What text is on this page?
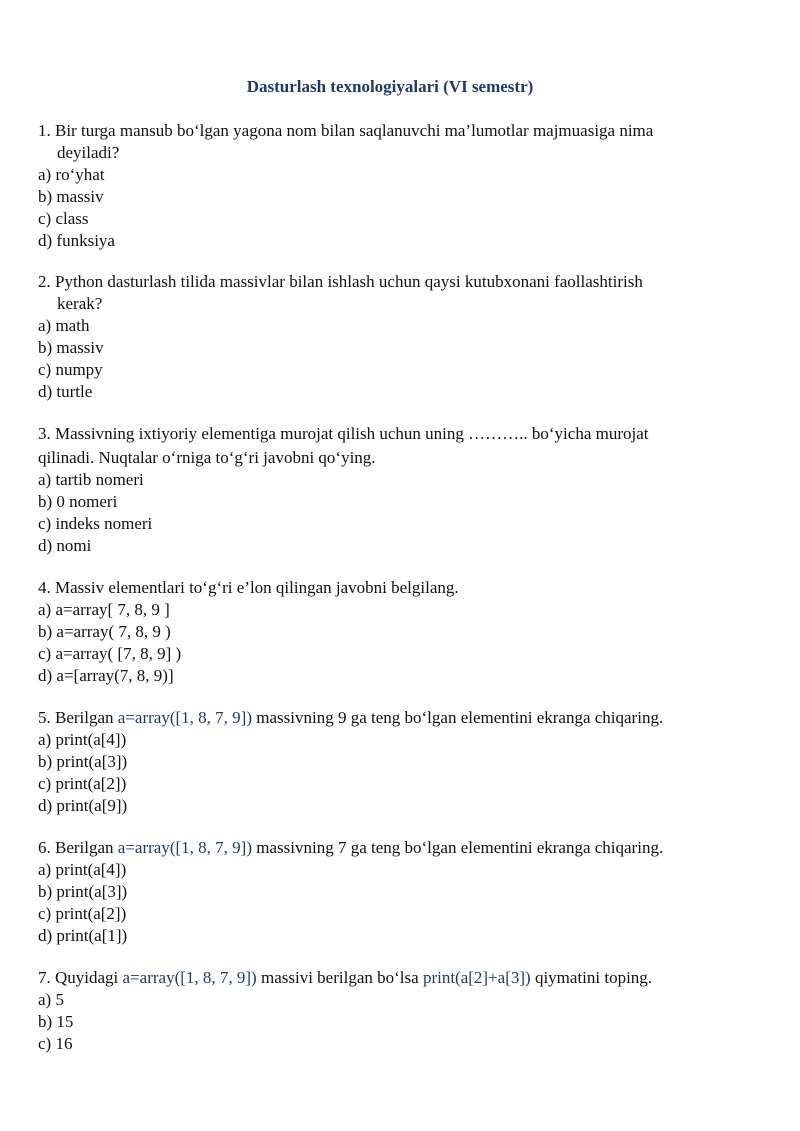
Dasturlash texnologiyalari (VI semestr)
1. Bir turga mansub bo‘lgan yagona nom bilan saqlanuvchi ma’lumotlar majmuasiga nima
deyiladi?
a) ro‘yhat
b) massiv
c) class
d) funksiya
2. Python dasturlash tilida massivlar bilan ishlash uchun qaysi kutubxonani faollashtirish
kerak?
a) math
b) massiv
c) numpy
d) turtle
3. Massivning ixtiyoriy elementiga murojat qilish uchun uning ……….. bo‘yicha murojat
qilinadi. Nuqtalar o‘rniga to‘g‘ri javobni qo‘ying.
a) tartib nomeri
b) 0 nomeri
c) indeks nomeri
d) nomi
4. Massiv elementlari to‘g‘ri e’lon qilingan javobni belgilang.
a) a=array[ 7, 8, 9 ]
b) a=array( 7, 8, 9 )
c) a=array( [7, 8, 9] )
d) a=[array(7, 8, 9)]
5. Berilgan a=array([1, 8, 7, 9]) massivning 9 ga teng bo‘lgan elementini ekranga chiqaring.
a) print(a[4])
b) print(a[3])
c) print(a[2])
d) print(a[9])
6. Berilgan a=array([1, 8, 7, 9]) massivning 7 ga teng bo‘lgan elementini ekranga chiqaring.
a) print(a[4])
b) print(a[3])
c) print(a[2])
d) print(a[1])
7. Quyidagi a=array([1, 8, 7, 9]) massivi berilgan bo‘lsa print(a[2]+a[3]) qiymatini toping.
a) 5
b) 15
c) 16
